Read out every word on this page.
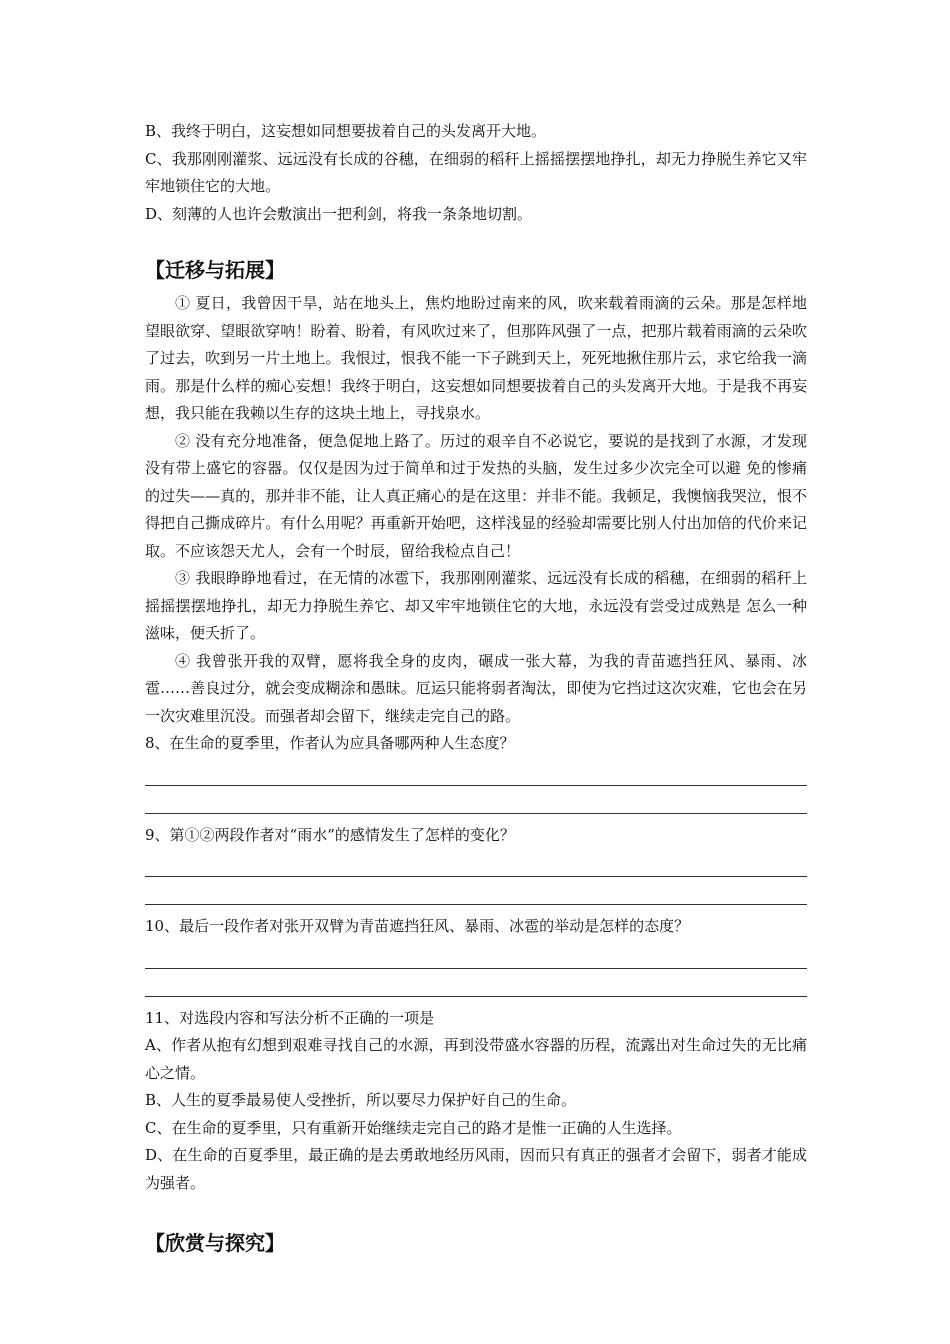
B、我终于明白，这妄想如同想要拔着自己的头发离开大地。

C、我那刚刚灌浆、远远没有长成的谷穗，在细弱的稻秆上摇摇摆摆地挣扎，却无力挣脱生养它又牢牢地锁住它的大地。

D、刻薄的人也许会敷演出一把利剑，将我一条条地切割。

【迁移与拓展】

① 夏日，我曾因干旱，站在地头上，焦灼地盼过南来的风，吹来载着雨滴的云朵。那是怎样地望眼欲穿、望眼欲穿呐！盼着、盼着，有风吹过来了，但那阵风强了一点，把那片载着雨滴的云朵吹了过去，吹到另一片土地上。我恨过，恨我不能一下子跳到天上，死死地揪住那片云，求它给我一滴雨。那是什么样的痴心妄想！我终于明白，这妄想如同想要拔着自己的头发离开大地。于是我不再妄想，我只能在我赖以生存的这块土地上，寻找泉水。

② 没有充分地准备，便急促地上路了。历过的艰辛自不必说它，要说的是找到了水源，才发现没有带上盛它的容器。仅仅是因为过于简单和过于发热的头脑，发生过多少次完全可以避 免的惨痛的过失——真的，那并非不能，让人真正痛心的是在这里：并非不能。我顿足，我懊恼我哭泣，恨不得把自己撕成碎片。有什么用呢？再重新开始吧，这样浅显的经验却需要比别人付出加倍的代价来记取。不应该怨天尤人，会有一个时辰，留给我检点自己！

③ 我眼睁睁地看过，在无情的冰雹下，我那刚刚灌浆、远远没有长成的稻穗，在细弱的稻秆上摇摇摆摆地挣扎，却无力挣脱生养它、却又牢牢地锁住它的大地，永远没有尝受过成熟是 怎么一种滋味，便夭折了。

④ 我曾张开我的双臂，愿将我全身的皮肉，碾成一张大幕，为我的青苗遮挡狂风、暴雨、冰雹……善良过分，就会变成糊涂和愚昧。厄运只能将弱者淘汰，即使为它挡过这次灾难，它也会在另一次灾难里沉没。而强者却会留下，继续走完自己的路。

8、在生命的夏季里，作者认为应具备哪两种人生态度？

9、第①②两段作者对“雨水”的感情发生了怎样的变化？

10、最后一段作者对张开双臂为青苗遮挡狂风、暴雨、冰雹的举动是怎样的态度？

11、对选段内容和写法分析不正确的一项是

A、作者从抱有幻想到艰难寻找自己的水源，再到没带盛水容器的历程，流露出对生命过失的无比痛心之情。

B、人生的夏季最易使人受挫折，所以要尽力保护好自己的生命。

C、在生命的夏季里，只有重新开始继续走完自己的路才是惟一正确的人生选择。

D、在生命的百夏季里，最正确的是去勇敢地经历风雨，因而只有真正的强者才会留下，弱者才能成为强者。

【欣赏与探究】
